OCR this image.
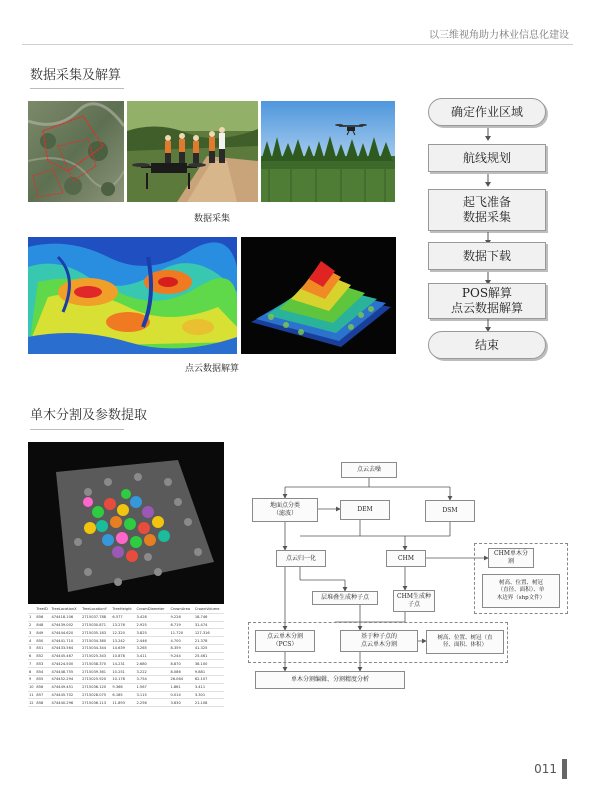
以三维视角助力林业信息化建设
数据采集及解算
数据采集
点云数据解算
确定作业区域
航线规划
起飞准备
数据采集
数据下载
POS解算
点云数据解算
结束
单木分割及参数提取
	TreeID	TreeLocationX	TreeLocationY	TreeHeight	CrownDiameter	CrownArea	CrownVolume
1	856	474418.106	2715037.788	6.577	3.428	9.226	18.746
2	848	474439.002	2715030.871	13.276	2.925	6.719	31.474
3	849	474444.620	2715035.183	12.320	3.825	11.720	127.316
4	850	474441.710	2715034.380	13.242	2.446	4.700	21.378
5	851	474433.564	2715034.344	14.639	3.265	8.359	41.325
6	852	474445.467	2715025.343	10.878	3.411	9.244	25.461
7	853	474424.500	2715038.370	14.231	2.680	8.870	38.100
8	854	474448.755	2715039.361	10.251	3.222	8.086	9.881
9	855	474452.294	2715025.920	10.178	3.754	26.064	62.107
10	856	474449.451	2715036.120	9.366	1.567	1.861	3.411
11	857	474445.702	2715028.075	6.185	3.115	0.014	3.301
12	858	474440.296	2715036.113	11.893	2.256	3.630	21.108
点云去噪
地面点分类
（滤波）
DEM	DSM
点云归一化	CHM
CHM单木分
割
树高、位置、树冠
（直径、面积）、单
木边界（shp文件）
层堆叠生成种子点	CHM生成种
子点
点云单木分割
（PCS）
基于种子点的
点云单木分割
树高、位置、树冠（直
径、面积、体积）
单木分割编辑、分割精度分析
011
